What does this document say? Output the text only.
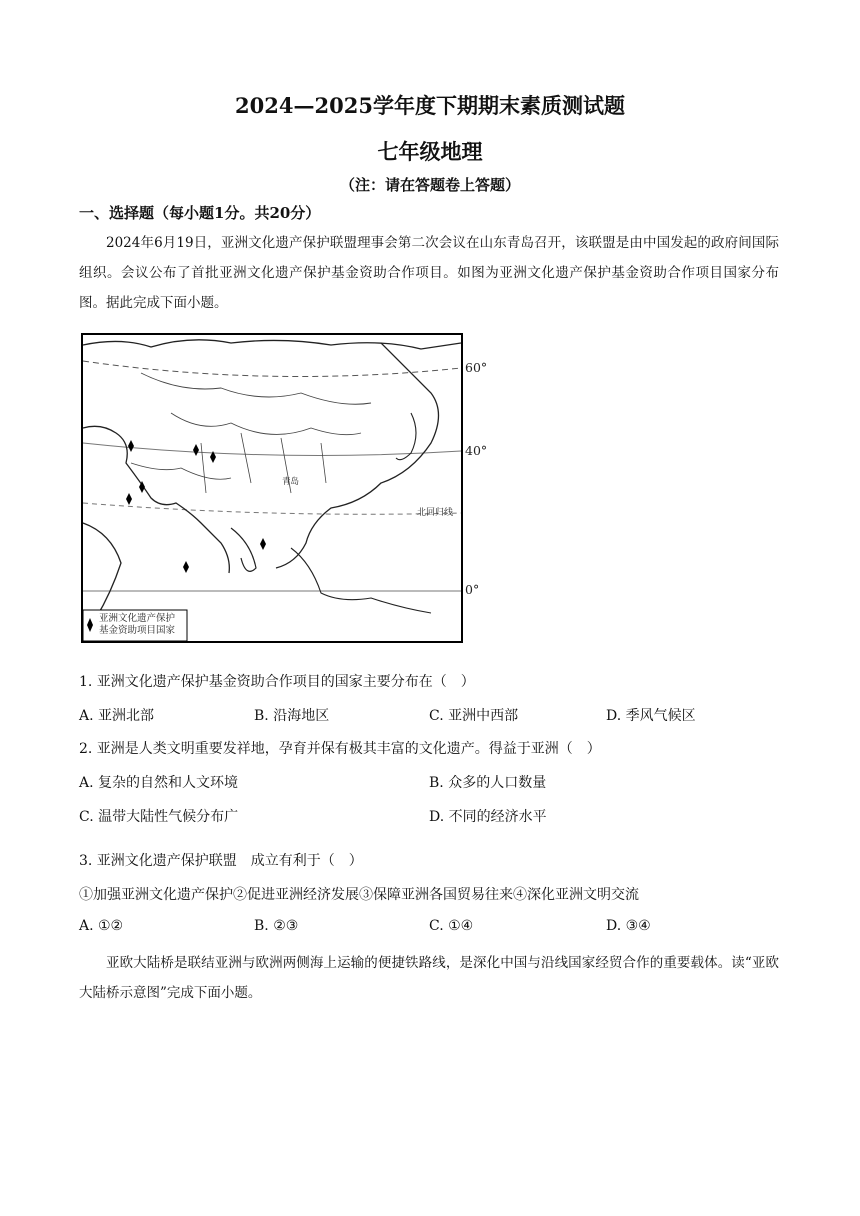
2024—2025学年度下期期末素质测试题
七年级地理
（注：请在答题卷上答题）
一、选择题（每小题1分。共20分）
2024年6月19日，亚洲文化遗产保护联盟理事会第二次会议在山东青岛召开，该联盟是由中国发起的政府间国际组织。会议公布了首批亚洲文化遗产保护基金资助合作项目。如图为亚洲文化遗产保护基金资助合作项目国家分布图。据此完成下面小题。
60°
40°
0°
北回归线
青岛
亚洲文化遗产保护
基金资助项目国家
1. 亚洲文化遗产保护基金资助合作项目的国家主要分布在（　）
A. 亚洲北部	B. 沿海地区	C. 亚洲中西部	D. 季风气候区
2. 亚洲是人类文明重要发祥地，孕育并保有极其丰富的文化遗产。得益于亚洲（　）
A. 复杂的自然和人文环境	B. 众多的人口数量
C. 温带大陆性气候分布广	D. 不同的经济水平
3. 亚洲文化遗产保护联盟　成立有利于（　）
①加强亚洲文化遗产保护②促进亚洲经济发展③保障亚洲各国贸易往来④深化亚洲文明交流
A. ①②	B. ②③	C. ①④	D. ③④
亚欧大陆桥是联结亚洲与欧洲两侧海上运输的便捷铁路线，是深化中国与沿线国家经贸合作的重要载体。读“亚欧大陆桥示意图”完成下面小题。
